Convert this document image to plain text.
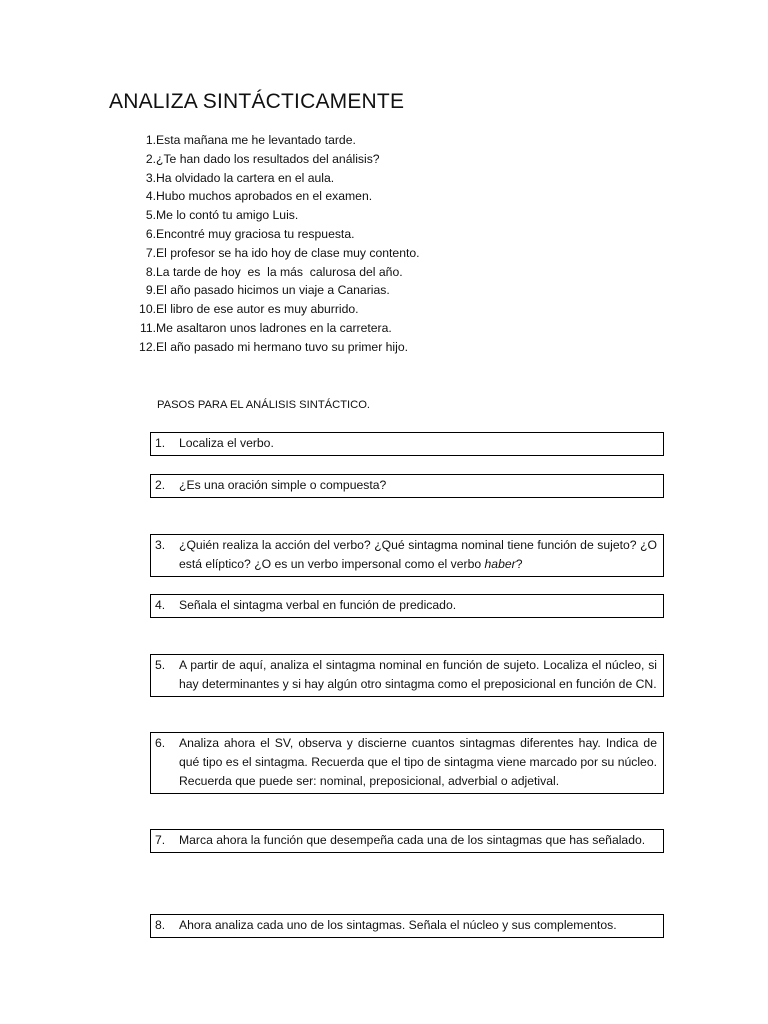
ANALIZA SINTÁCTICAMENTE
1. Esta mañana me he levantado tarde.
2. ¿Te han dado los resultados del análisis?
3. Ha olvidado la cartera en el aula.
4. Hubo muchos aprobados en el examen.
5. Me lo contó tu amigo Luis.
6. Encontré muy graciosa tu respuesta.
7. El profesor se ha ido hoy de clase muy contento.
8. La tarde de hoy  es  la más  calurosa del año.
9. El año pasado hicimos un viaje a Canarias.
10. El libro de ese autor es muy aburrido.
11. Me asaltaron unos ladrones en la carretera.
12. El año pasado mi hermano tuvo su primer hijo.

PASOS PARA EL ANÁLISIS SINTÁCTICO.

1.	Localiza el verbo.
2.	¿Es una oración simple o compuesta?
3.	¿Quién realiza la acción del verbo? ¿Qué sintagma nominal tiene función de sujeto? ¿O está elíptico? ¿O es un verbo impersonal como el verbo haber?
4.	Señala el sintagma verbal en función de predicado.
5.	A partir de aquí, analiza el sintagma nominal en función de sujeto. Localiza el núcleo, si hay determinantes y si hay algún otro sintagma como el preposicional en función de CN.
6.	Analiza ahora el SV, observa y discierne cuantos sintagmas diferentes hay. Indica de qué tipo es el sintagma. Recuerda que el tipo de sintagma viene marcado por su núcleo. Recuerda que puede ser: nominal, preposicional, adverbial o adjetival.
7.	Marca ahora la función que desempeña cada una de los sintagmas que has señalado.
8.	Ahora analiza cada uno de los sintagmas. Señala el núcleo y sus complementos.
